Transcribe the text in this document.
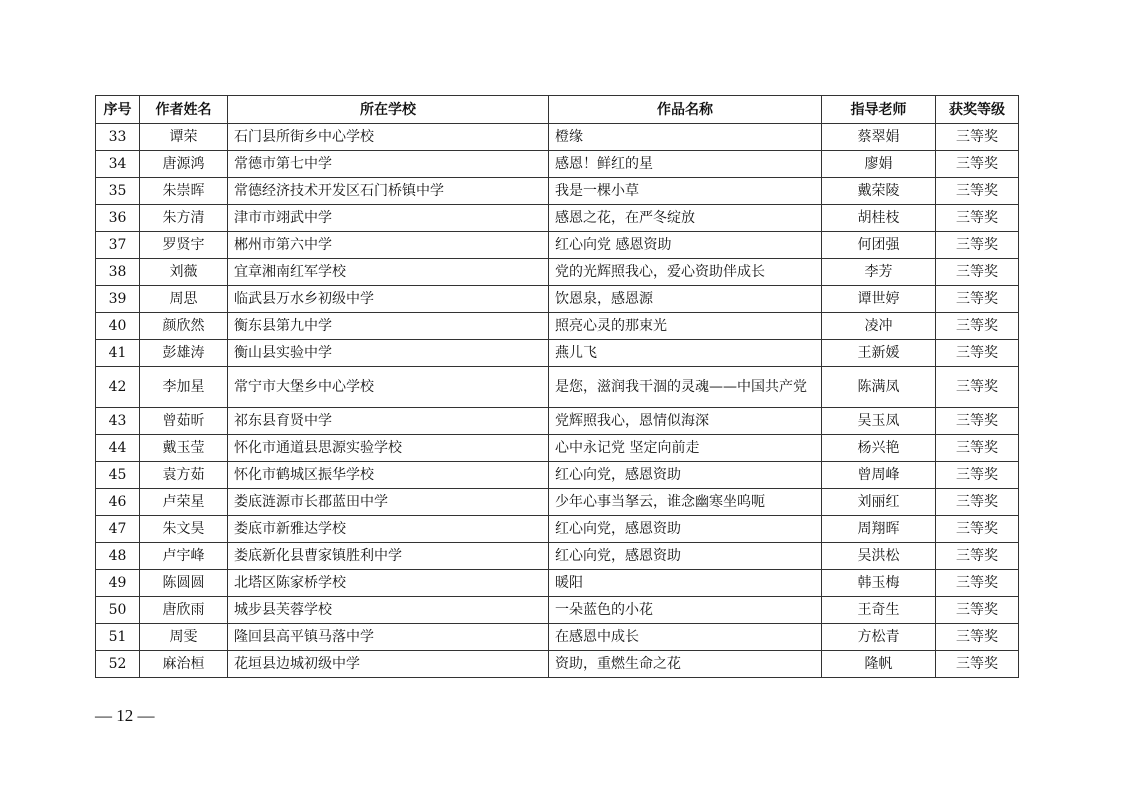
序号	作者姓名	所在学校	作品名称	指导老师	获奖等级
33	谭荣	石门县所街乡中心学校	橙缘	蔡翠娟	三等奖
34	唐源鸿	常德市第七中学	感恩！鲜红的星	廖娟	三等奖
35	朱崇晖	常德经济技术开发区石门桥镇中学	我是一棵小草	戴荣陵	三等奖
36	朱方清	津市市翊武中学	感恩之花，在严冬绽放	胡桂枝	三等奖
37	罗贤宇	郴州市第六中学	红心向党 感恩资助	何团强	三等奖
38	刘薇	宜章湘南红军学校	党的光辉照我心，爱心资助伴成长	李芳	三等奖
39	周思	临武县万水乡初级中学	饮恩泉，感恩源	谭世婷	三等奖
40	颜欣然	衡东县第九中学	照亮心灵的那束光	凌冲	三等奖
41	彭雄涛	衡山县实验中学	燕儿飞	王新媛	三等奖
42	李加星	常宁市大堡乡中心学校	是您，滋润我干涸的灵魂——中国共产党	陈满凤	三等奖
43	曾茹昕	祁东县育贤中学	党辉照我心，恩情似海深	吴玉凤	三等奖
44	戴玉莹	怀化市通道县思源实验学校	心中永记党 坚定向前走	杨兴艳	三等奖
45	袁方茹	怀化市鹤城区振华学校	红心向党，感恩资助	曾周峰	三等奖
46	卢荣星	娄底涟源市长郡蓝田中学	少年心事当拏云，谁念幽寒坐呜呃	刘丽红	三等奖
47	朱文昊	娄底市新雅达学校	红心向党，感恩资助	周翔晖	三等奖
48	卢宇峰	娄底新化县曹家镇胜利中学	红心向党，感恩资助	吴洪松	三等奖
49	陈圆圆	北塔区陈家桥学校	暖阳	韩玉梅	三等奖
50	唐欣雨	城步县芙蓉学校	一朵蓝色的小花	王奇生	三等奖
51	周雯	隆回县高平镇马落中学	在感恩中成长	方松青	三等奖
52	麻治桓	花垣县边城初级中学	资助，重燃生命之花	隆帆	三等奖
— 12 —
